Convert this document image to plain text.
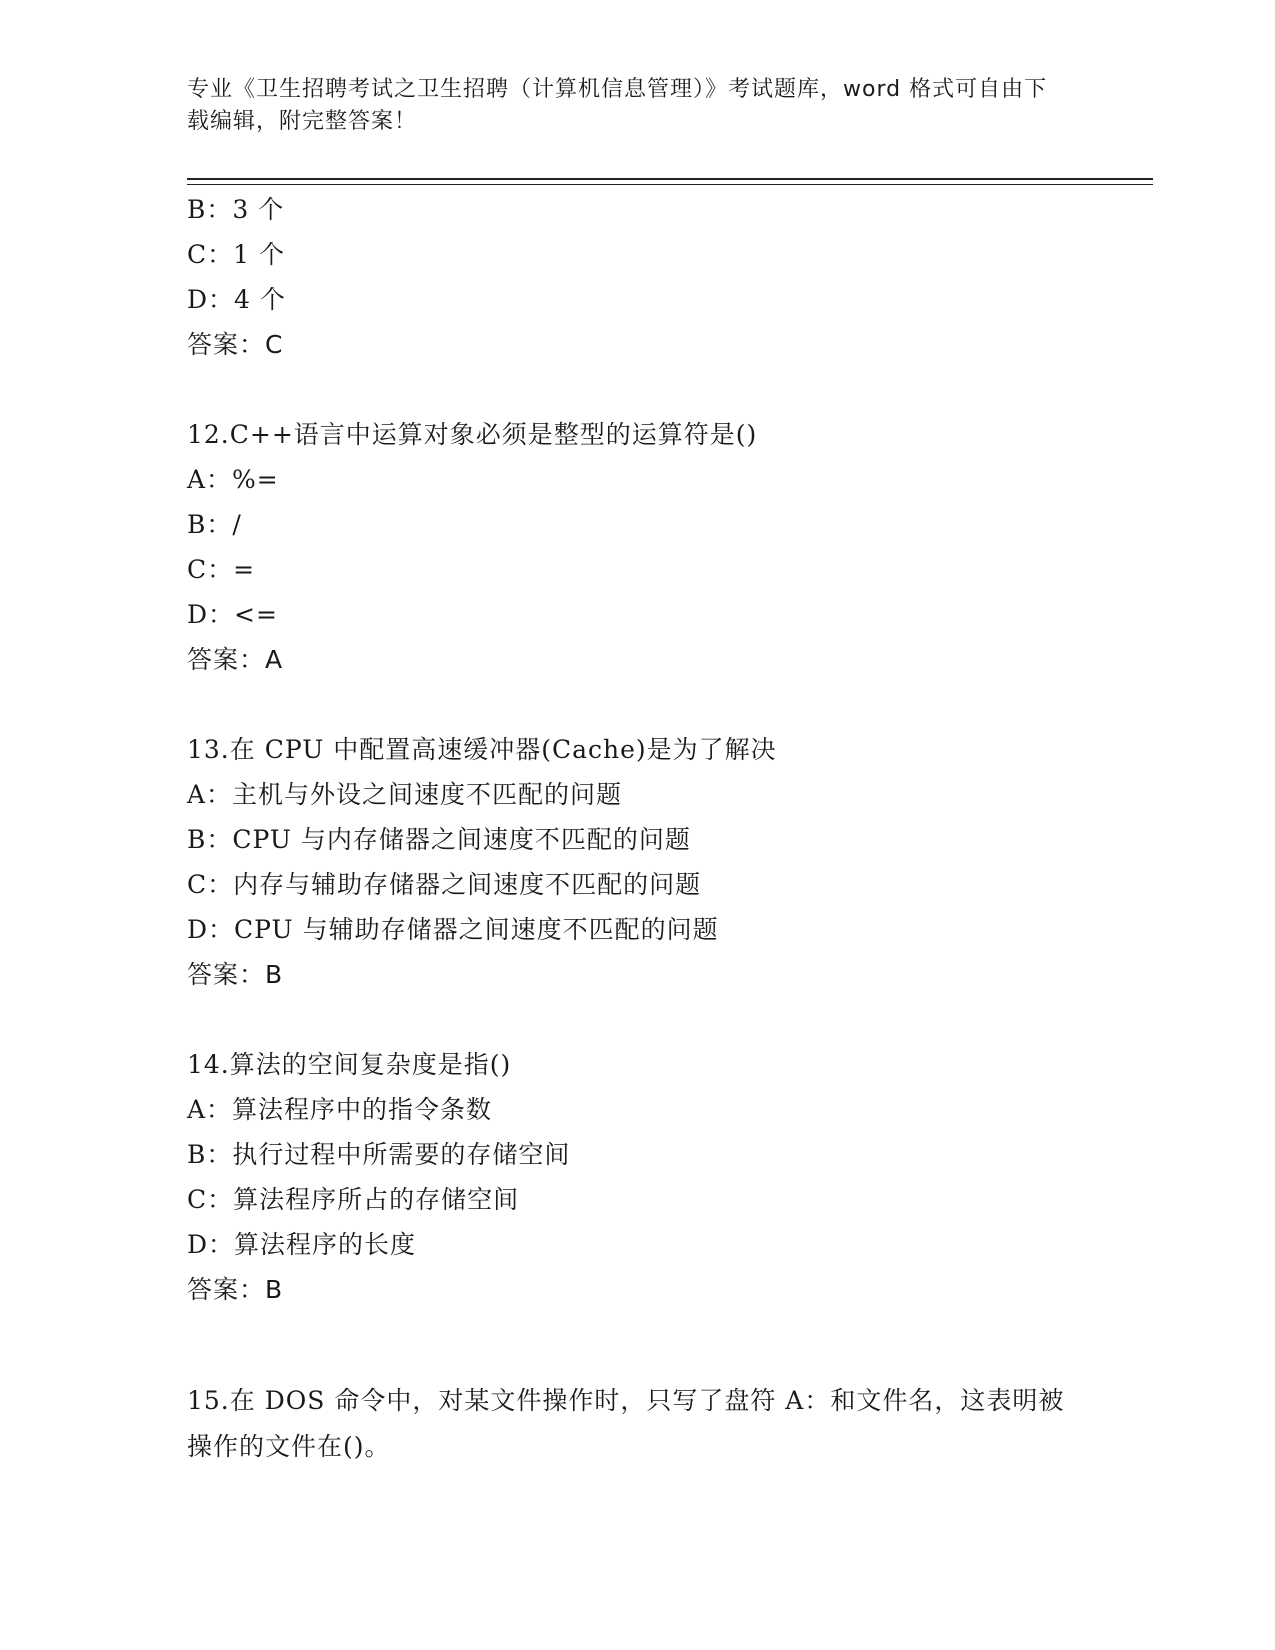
专业《卫生招聘考试之卫生招聘（计算机信息管理）》考试题库，word 格式可自由下载编辑，附完整答案！
B：3 个
C：1 个
D：4 个
答案：C
12.C++语言中运算对象必须是整型的运算符是()
A：%=
B：/
C：=
D：<=
答案：A
13.在 CPU 中配置高速缓冲器(Cache)是为了解决
A：主机与外设之间速度不匹配的问题
B：CPU 与内存储器之间速度不匹配的问题
C：内存与辅助存储器之间速度不匹配的问题
D：CPU 与辅助存储器之间速度不匹配的问题
答案：B
14.算法的空间复杂度是指()
A：算法程序中的指令条数
B：执行过程中所需要的存储空间
C：算法程序所占的存储空间
D：算法程序的长度
答案：B
15.在 DOS 命令中，对某文件操作时，只写了盘符 A：和文件名，这表明被操作的文件在()。
